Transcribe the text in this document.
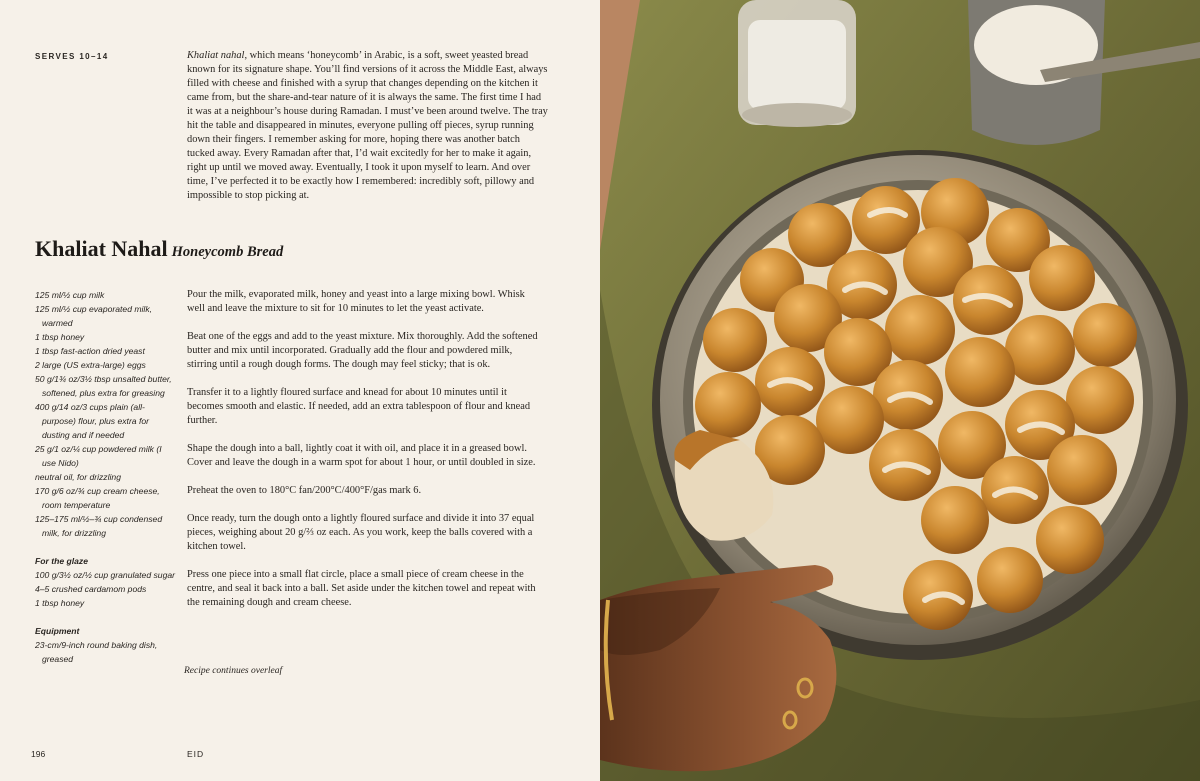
SERVES 10–14	Khaliat nahal, which means ‘honeycomb’ in Arabic, is a soft, sweet yeasted bread known for its signature shape. You’ll find versions of it across the Middle East, always filled with cheese and finished with a syrup that changes depending on the kitchen it came from, but the share-and-tear nature of it is always the same. The first time I had it was at a neighbour’s house during Ramadan. I must’ve been around twelve. The tray hit the table and disappeared in minutes, everyone pulling off pieces, syrup running down their fingers. I remember asking for more, hoping there was another batch tucked away. Every Ramadan after that, I’d wait excitedly for her to make it again, right up until we moved away. Eventually, I took it upon myself to learn. And over time, I’ve perfected it to be exactly how I remembered: incredibly soft, pillowy and impossible to stop picking at.

Khaliat Nahal Honeycomb Bread
125 ml/½ cup milk
125 ml/½ cup evaporated milk, warmed
1 tbsp honey
1 tbsp fast-action dried yeast
2 large (US extra-large) eggs
50 g/1¾ oz/3½ tbsp unsalted butter, softened, plus extra for greasing
400 g/14 oz/3 cups plain (all-purpose) flour, plus extra for dusting and if needed
25 g/1 oz/¼ cup powdered milk (I use Nido)
neutral oil, for drizzling
170 g/6 oz/¾ cup cream cheese, room temperature
125–175 ml/½–¾ cup condensed milk, for drizzling
For the glaze
100 g/3½ oz/½ cup granulated sugar
4–5 crushed cardamom pods
1 tbsp honey
Equipment
23-cm/9-inch round baking dish, greased

Pour the milk, evaporated milk, honey and yeast into a large mixing bowl. Whisk well and leave the mixture to sit for 10 minutes to let the yeast activate.

Beat one of the eggs and add to the yeast mixture. Mix thoroughly. Add the softened butter and mix until incorporated. Gradually add the flour and powdered milk, stirring until a rough dough forms. The dough may feel sticky; that is ok.

Transfer it to a lightly floured surface and knead for about 10 minutes until it becomes smooth and elastic. If needed, add an extra tablespoon of flour and knead further.

Shape the dough into a ball, lightly coat it with oil, and place it in a greased bowl. Cover and leave the dough in a warm spot for about 1 hour, or until doubled in size.

Preheat the oven to 180°C fan/200°C/400°F/gas mark 6.

Once ready, turn the dough onto a lightly floured surface and divide it into 37 equal pieces, weighing about 20 g/⅔ oz each. As you work, keep the balls covered with a kitchen towel.

Press one piece into a small flat circle, place a small piece of cream cheese in the centre, and seal it back into a ball. Set aside under the kitchen towel and repeat with the remaining dough and cream cheese.

Recipe continues overleaf
196	EID
